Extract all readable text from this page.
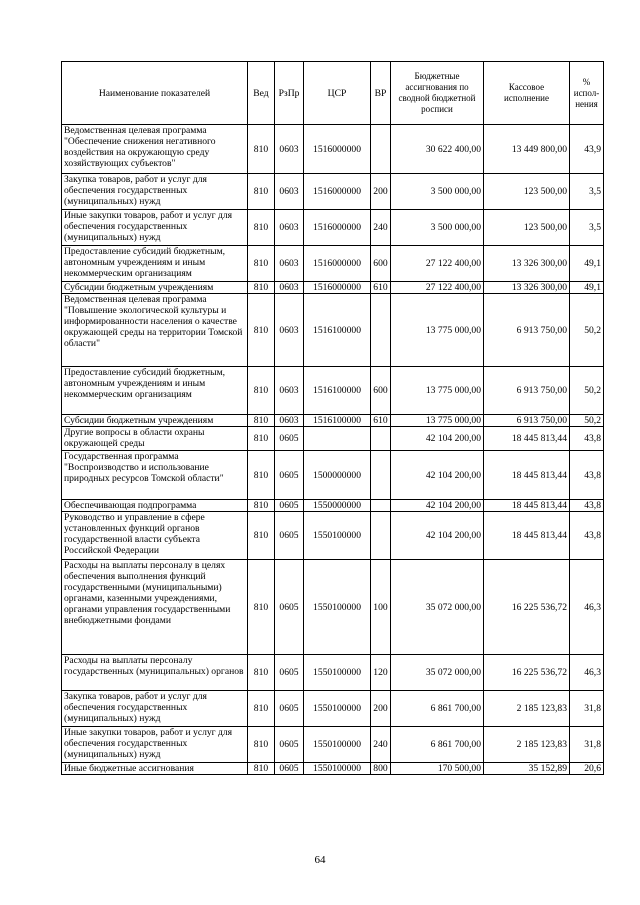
Наименование показателей	Вед	РзПр	ЦСР	ВР	Бюджетные ассигнования по сводной бюджетной росписи	Кассовое исполнение	% испол-нения
Ведомственная целевая программа "Обеспечение снижения негативного воздействия на окружающую среду хозяйствующих субъектов"	810	0603	1516000000		30 622 400,00	13 449 800,00	43,9
Закупка товаров, работ и услуг для обеспечения государственных (муниципальных) нужд	810	0603	1516000000	200	3 500 000,00	123 500,00	3,5
Иные закупки товаров, работ и услуг для обеспечения государственных (муниципальных) нужд	810	0603	1516000000	240	3 500 000,00	123 500,00	3,5
Предоставление субсидий бюджетным, автономным учреждениям и иным некоммерческим организациям	810	0603	1516000000	600	27 122 400,00	13 326 300,00	49,1
Субсидии бюджетным учреждениям	810	0603	1516000000	610	27 122 400,00	13 326 300,00	49,1
Ведомственная целевая программа "Повышение экологической культуры и информированности населения о качестве окружающей среды на территории Томской области"	810	0603	1516100000		13 775 000,00	6 913 750,00	50,2
Предоставление субсидий бюджетным, автономным учреждениям и иным некоммерческим организациям	810	0603	1516100000	600	13 775 000,00	6 913 750,00	50,2
Субсидии бюджетным учреждениям	810	0603	1516100000	610	13 775 000,00	6 913 750,00	50,2
Другие вопросы в области охраны окружающей среды	810	0605			42 104 200,00	18 445 813,44	43,8
Государственная программа "Воспроизводство и использование природных ресурсов Томской области"	810	0605	1500000000		42 104 200,00	18 445 813,44	43,8
Обеспечивающая подпрограмма	810	0605	1550000000		42 104 200,00	18 445 813,44	43,8
Руководство и управление в сфере установленных функций органов государственной власти субъекта Российской Федерации	810	0605	1550100000		42 104 200,00	18 445 813,44	43,8
Расходы на выплаты персоналу в целях обеспечения выполнения функций государственными (муниципальными) органами, казенными учреждениями, органами управления государственными внебюджетными фондами	810	0605	1550100000	100	35 072 000,00	16 225 536,72	46,3
Расходы на выплаты персоналу государственных (муниципальных) органов	810	0605	1550100000	120	35 072 000,00	16 225 536,72	46,3
Закупка товаров, работ и услуг для обеспечения государственных (муниципальных) нужд	810	0605	1550100000	200	6 861 700,00	2 185 123,83	31,8
Иные закупки товаров, работ и услуг для обеспечения государственных (муниципальных) нужд	810	0605	1550100000	240	6 861 700,00	2 185 123,83	31,8
Иные бюджетные ассигнования	810	0605	1550100000	800	170 500,00	35 152,89	20,6
64
